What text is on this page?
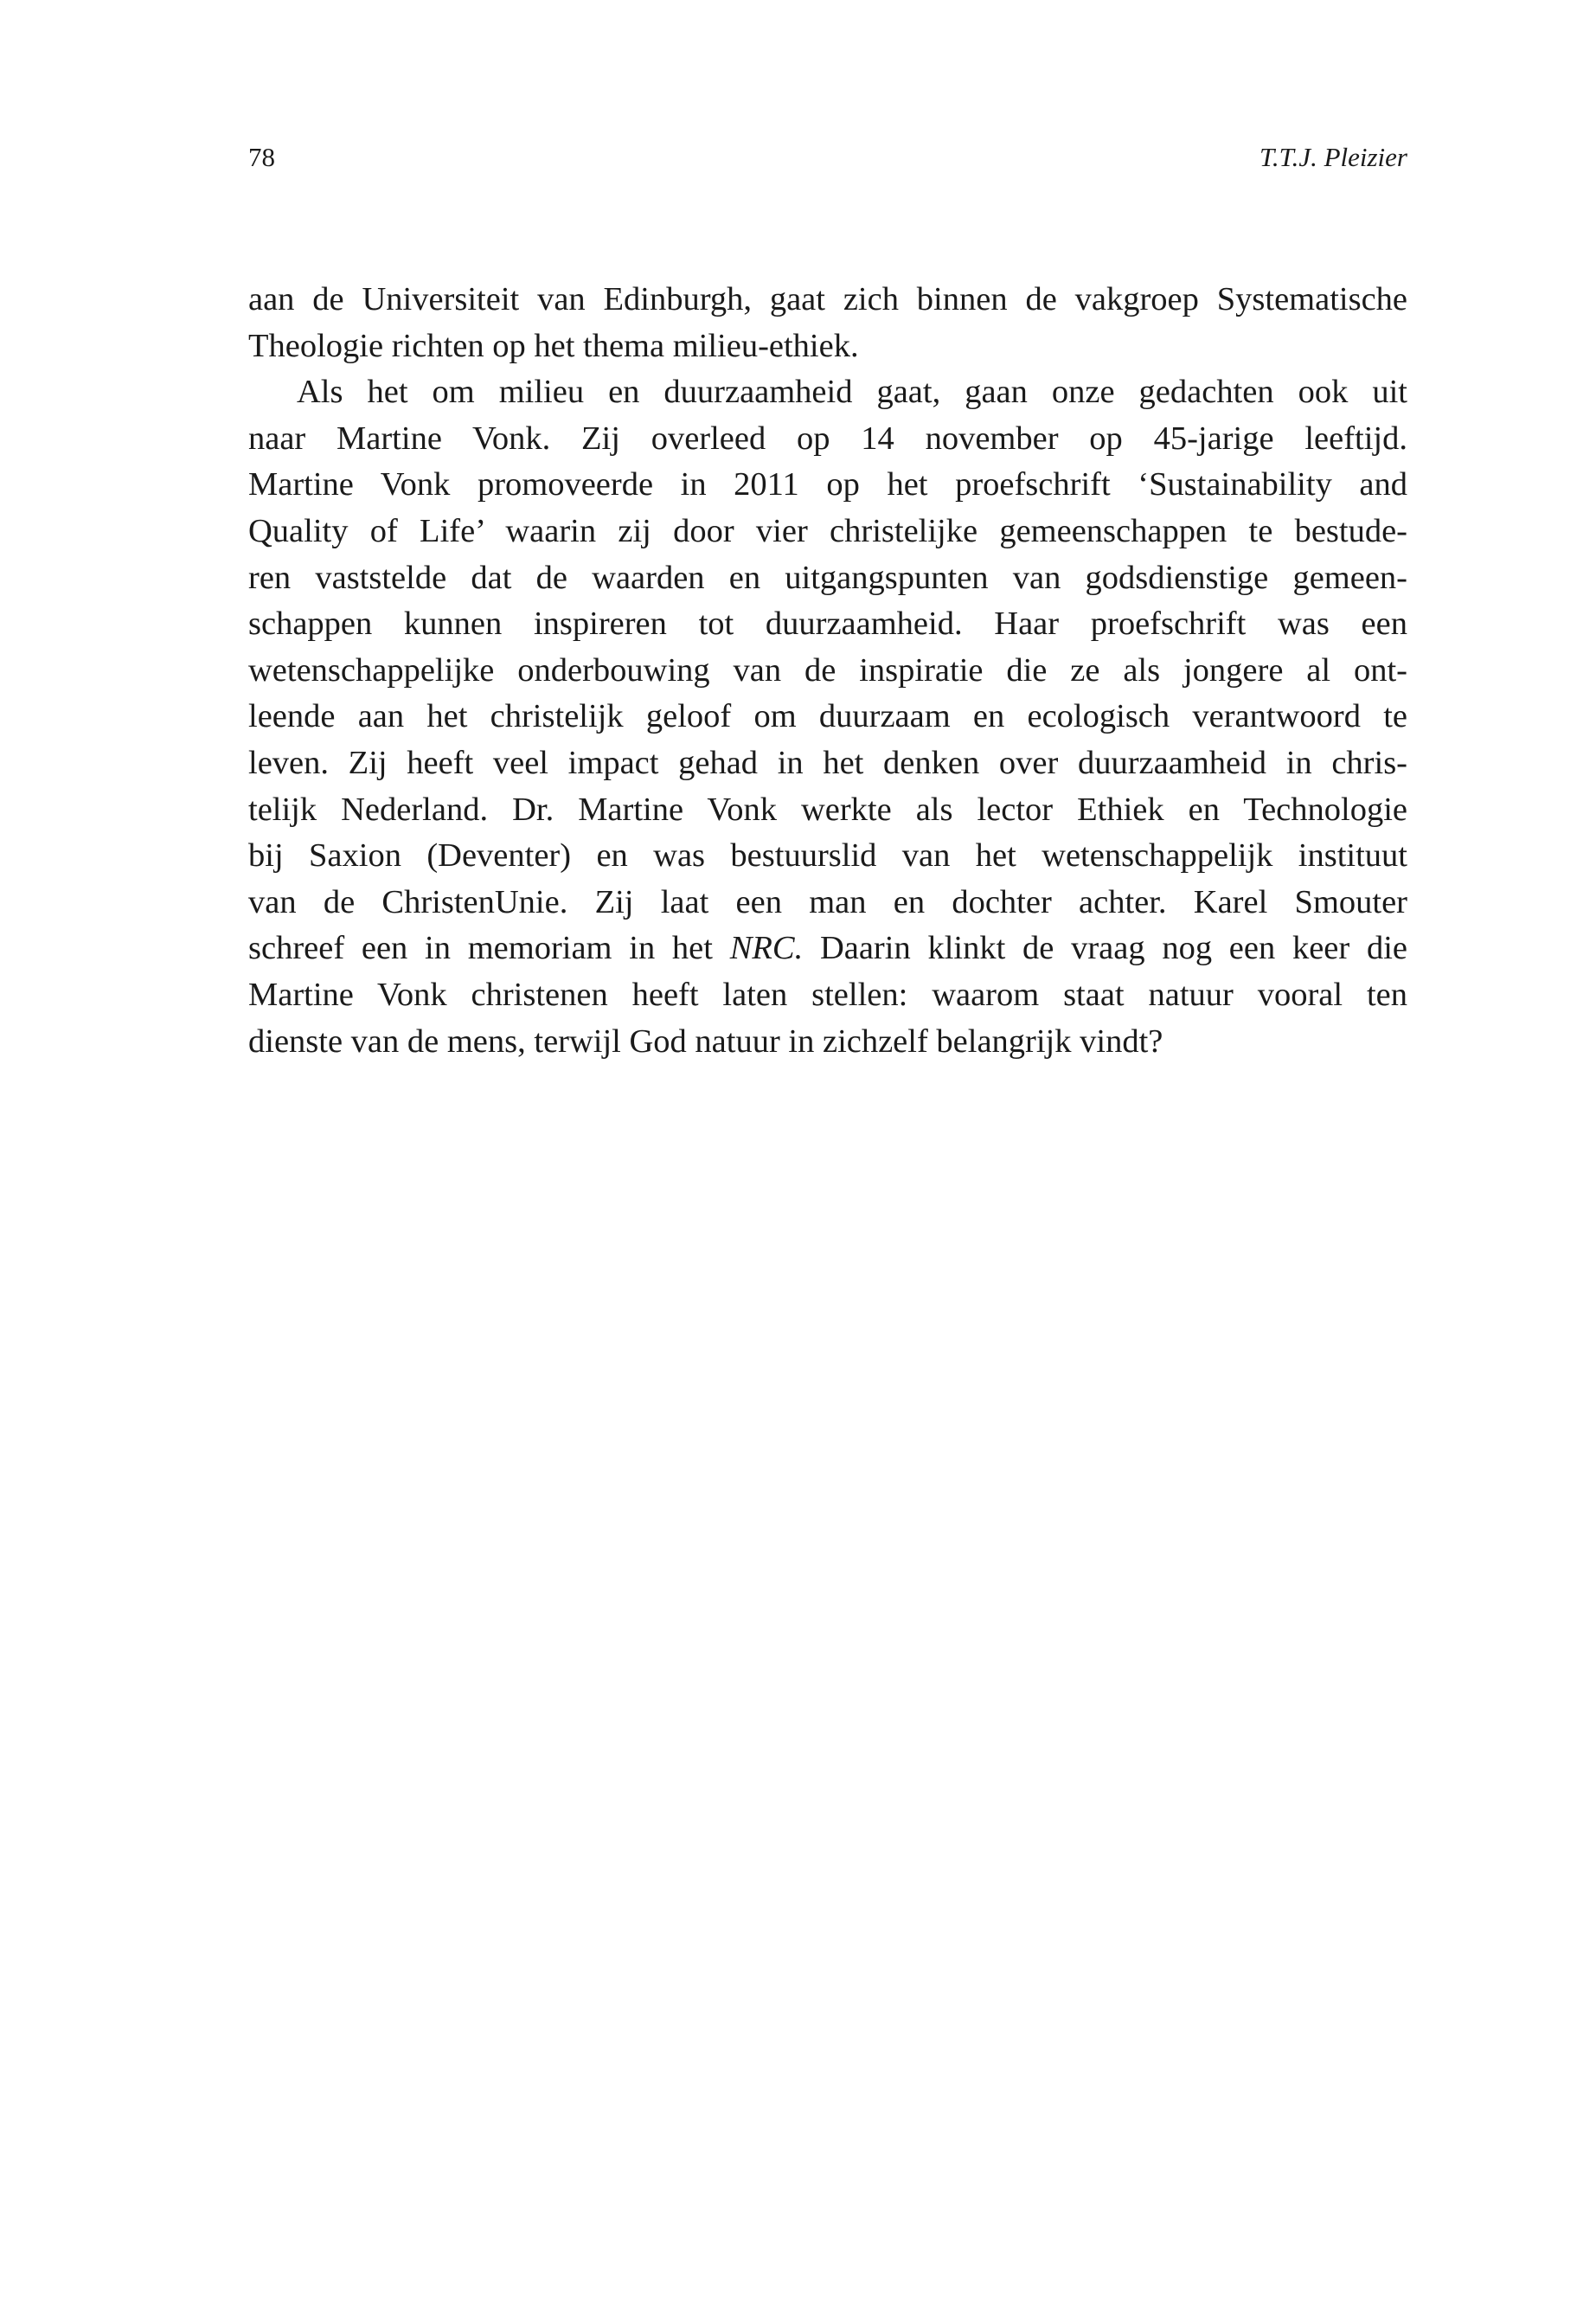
78	T.T.J. Pleizier
aan de Universiteit van Edinburgh, gaat zich binnen de vakgroep Systematische
Theologie richten op het thema milieu-ethiek.
Als het om milieu en duurzaamheid gaat, gaan onze gedachten ook uit
naar Martine Vonk. Zij overleed op 14 november op 45-jarige leeftijd.
Martine Vonk promoveerde in 2011 op het proefschrift ‘Sustainability and
Quality of Life’ waarin zij door vier christelijke gemeenschappen te bestude-
ren vaststelde dat de waarden en uitgangspunten van godsdienstige gemeen-
schappen kunnen inspireren tot duurzaamheid. Haar proefschrift was een
wetenschappelijke onderbouwing van de inspiratie die ze als jongere al ont-
leende aan het christelijk geloof om duurzaam en ecologisch verantwoord te
leven. Zij heeft veel impact gehad in het denken over duurzaamheid in chris-
telijk Nederland. Dr. Martine Vonk werkte als lector Ethiek en Technologie
bij Saxion (Deventer) en was bestuurslid van het wetenschappelijk instituut
van de ChristenUnie. Zij laat een man en dochter achter. Karel Smouter
schreef een in memoriam in het NRC. Daarin klinkt de vraag nog een keer die
Martine Vonk christenen heeft laten stellen: waarom staat natuur vooral ten
dienste van de mens, terwijl God natuur in zichzelf belangrijk vindt?
